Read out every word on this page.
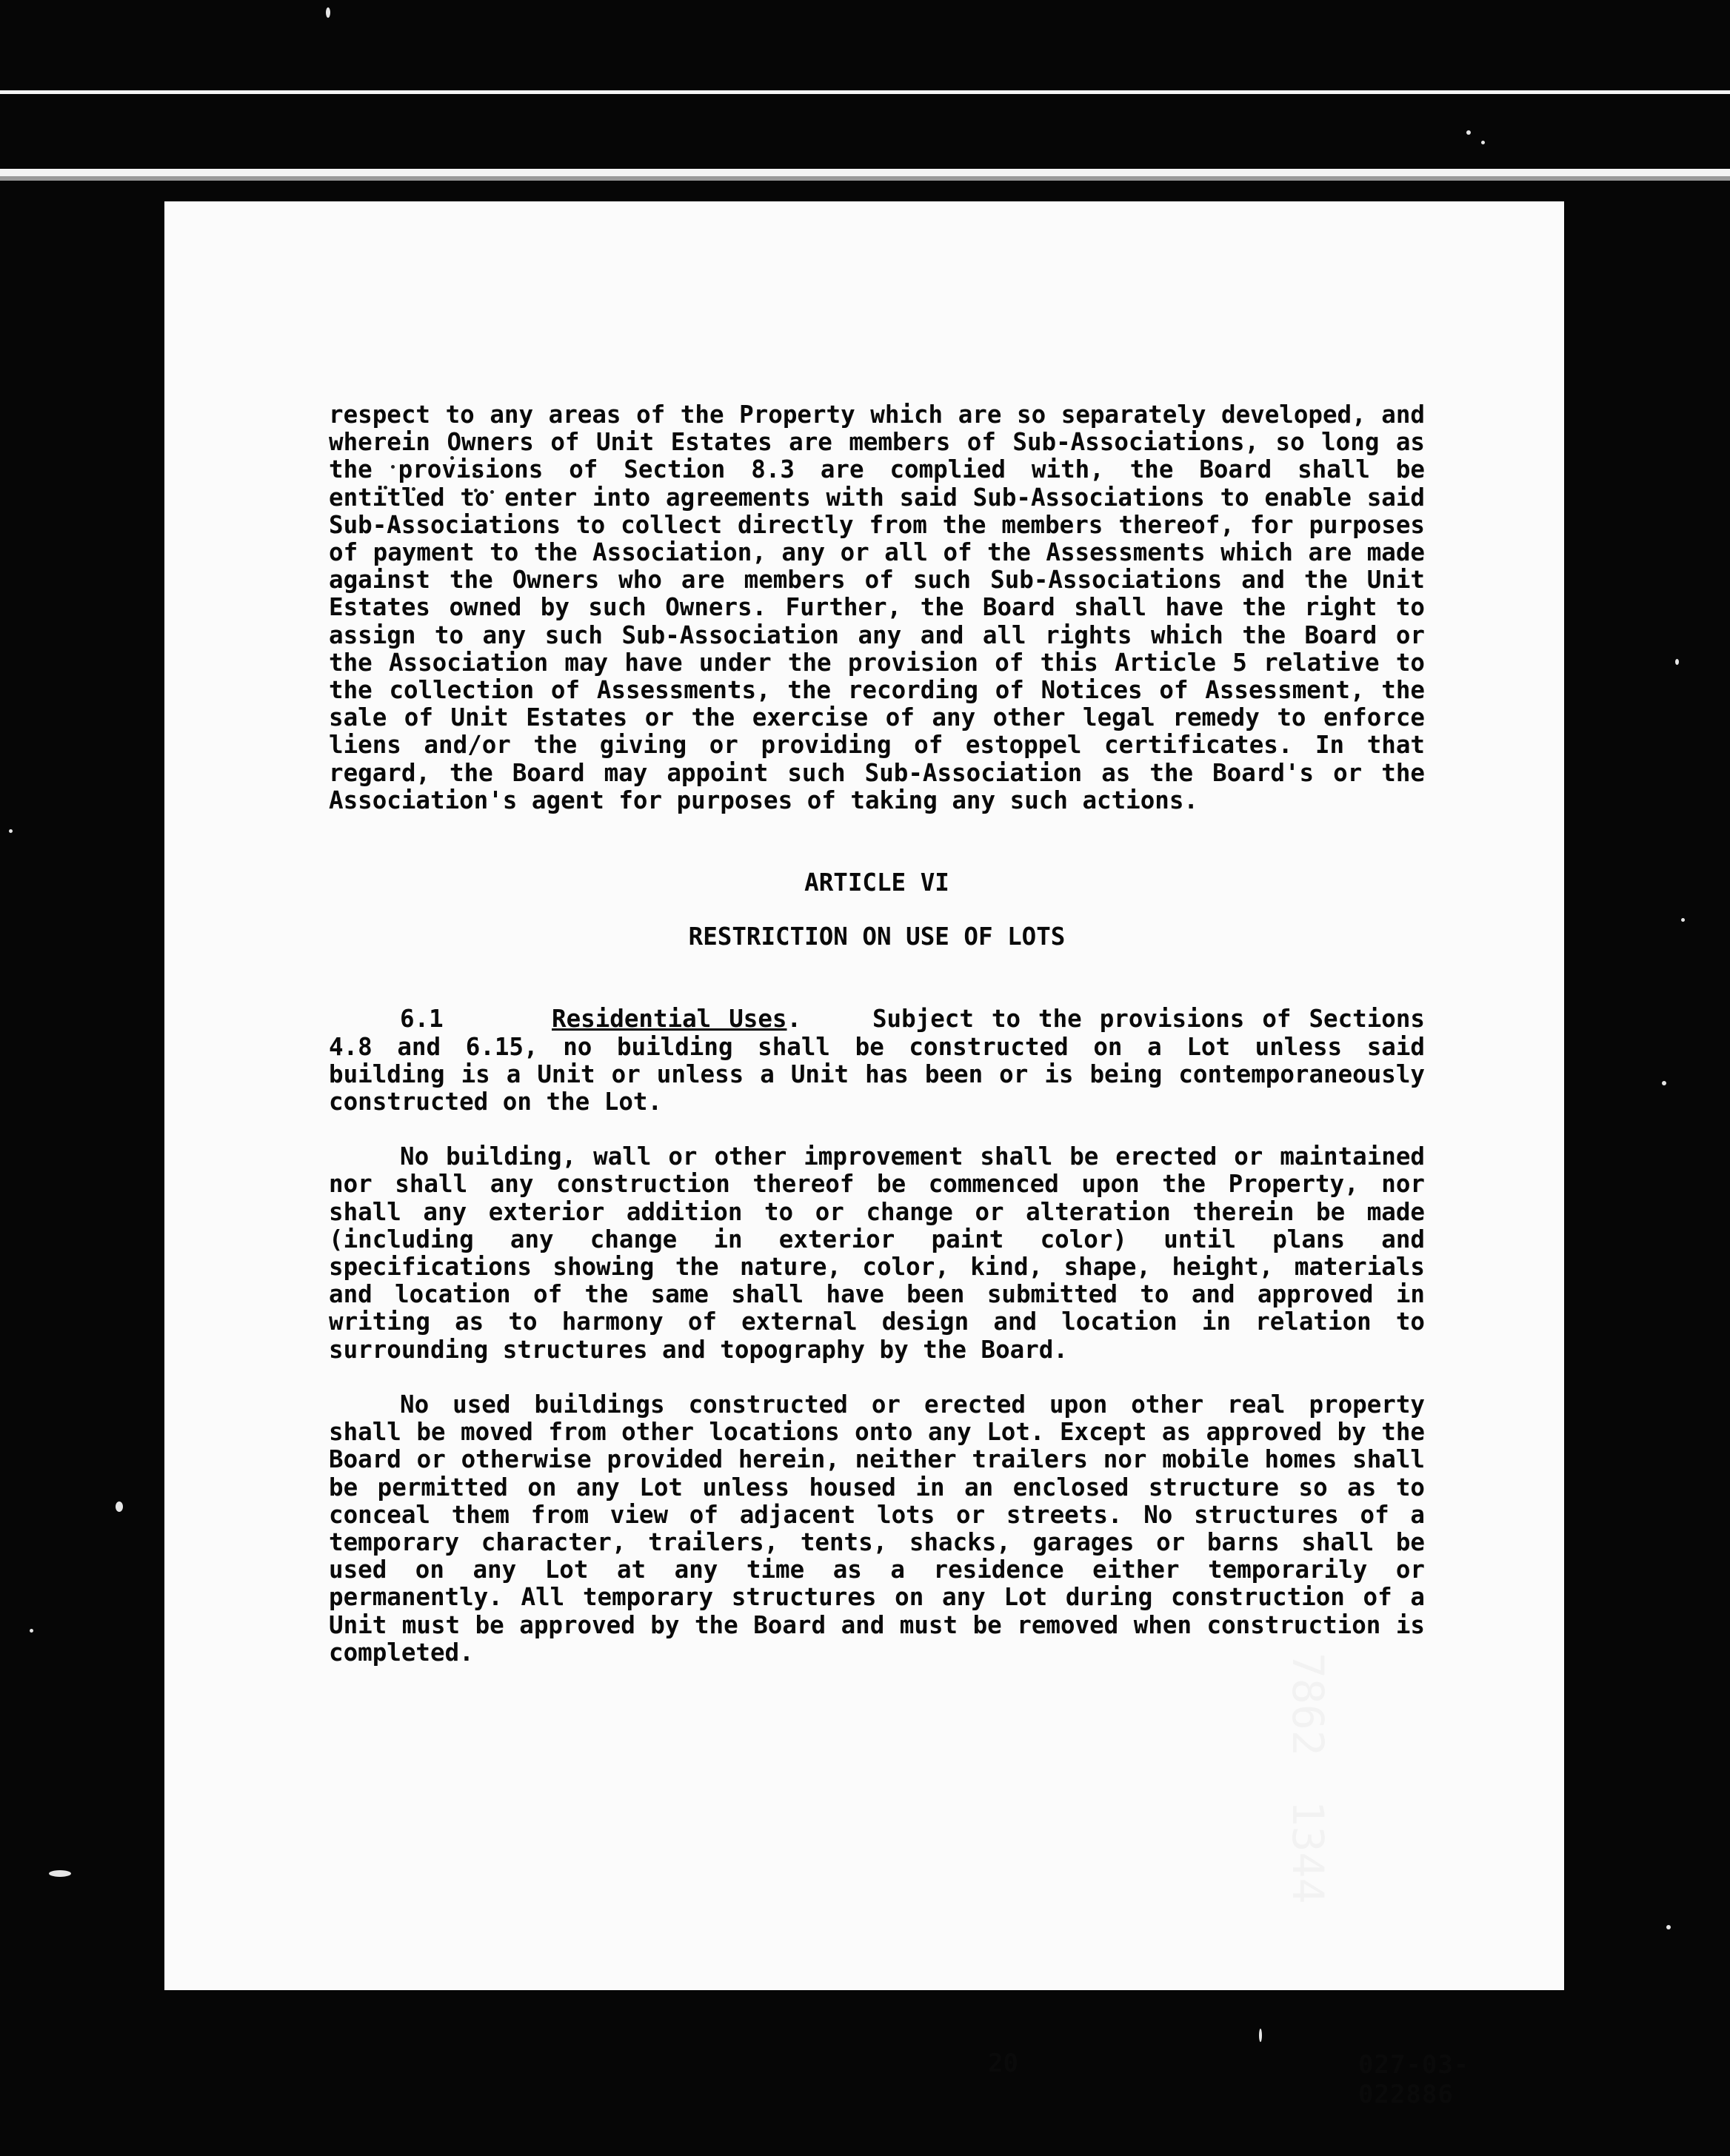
respect to any areas of the Property which are so separately developed, and wherein Owners of Unit Estates are members of Sub-Associations, so long as the provisions of Section 8.3 are complied with, the Board shall be entitled to enter into agreements with said Sub-Associations to enable said Sub-Associations to collect directly from the members thereof, for purposes of payment to the Association, any or all of the Assessments which are made against the Owners who are members of such Sub-Associations and the Unit Estates owned by such Owners. Further, the Board shall have the right to assign to any such Sub-Association any and all rights which the Board or the Association may have under the provision of this Article 5 relative to the collection of Assessments, the recording of Notices of Assessment, the sale of Unit Estates or the exercise of any other legal remedy to enforce liens and/or the giving or providing of estoppel certificates. In that regard, the Board may appoint such Sub-Association as the Board's or the Association's agent for purposes of taking any such actions.

ARTICLE VI

RESTRICTION ON USE OF LOTS

6.1	Residential Uses.	Subject to the provisions of Sections 4.8 and 6.15, no building shall be constructed on a Lot unless said building is a Unit or unless a Unit has been or is being contemporaneously constructed on the Lot.

No building, wall or other improvement shall be erected or maintained nor shall any construction thereof be commenced upon the Property, nor shall any exterior addition to or change or alteration therein be made (including any change in exterior paint color) until plans and specifications showing the nature, color, kind, shape, height, materials and location of the same shall have been submitted to and approved in writing as to harmony of external design and location in relation to surrounding structures and topography by the Board.

No used buildings constructed or erected upon other real property shall be moved from other locations onto any Lot. Except as approved by the Board or otherwise provided herein, neither trailers nor mobile homes shall be permitted on any Lot unless housed in an enclosed structure so as to conceal them from view of adjacent lots or streets. No structures of a temporary character, trailers, tents, shacks, garages or barns shall be used on any Lot at any time as a residence either temporarily or permanently. All temporary structures on any Lot during construction of a Unit must be approved by the Board and must be removed when construction is completed.

20	027-03-022886
7862
1344
